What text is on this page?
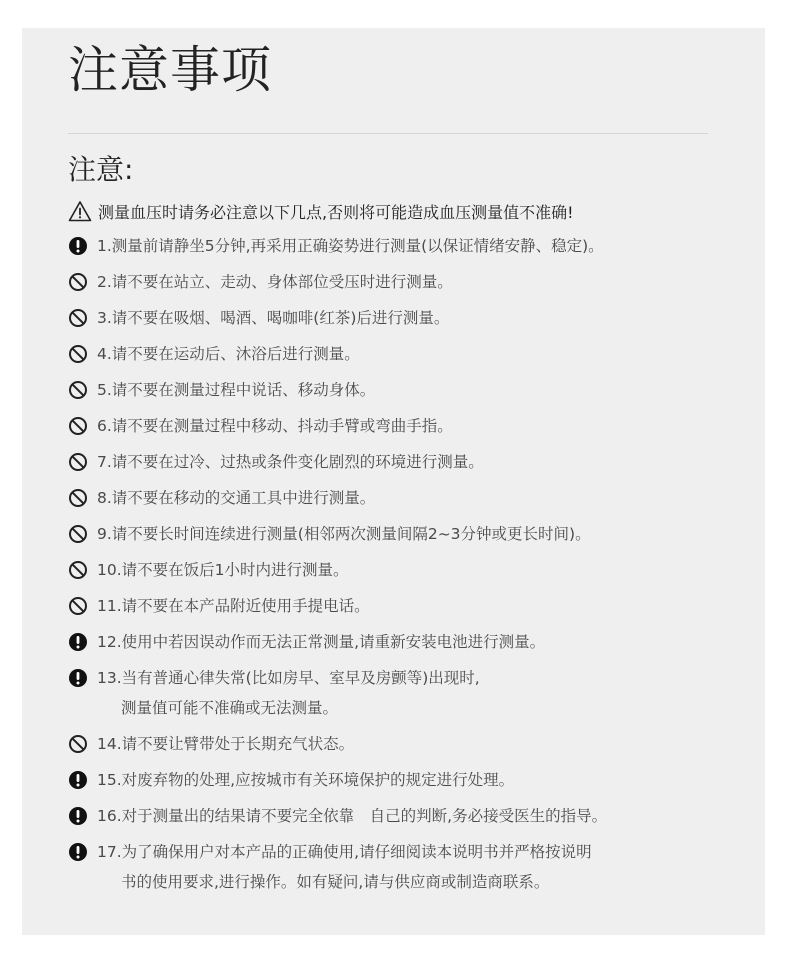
注意事项
注意:
测量血压时请务必注意以下几点,否则将可能造成血压测量值不准确!
1.测量前请静坐5分钟,再采用正确姿势进行测量(以保证情绪安静、稳定)。
2.请不要在站立、走动、身体部位受压时进行测量。
3.请不要在吸烟、喝酒、喝咖啡(红茶)后进行测量。
4.请不要在运动后、沐浴后进行测量。
5.请不要在测量过程中说话、移动身体。
6.请不要在测量过程中移动、抖动手臂或弯曲手指。
7.请不要在过冷、过热或条件变化剧烈的环境进行测量。
8.请不要在移动的交通工具中进行测量。
9.请不要长时间连续进行测量(相邻两次测量间隔2~3分钟或更长时间)。
10.请不要在饭后1小时内进行测量。
11.请不要在本产品附近使用手提电话。
12.使用中若因误动作而无法正常测量,请重新安装电池进行测量。
13.当有普通心律失常(比如房早、室早及房颤等)出现时,
测量值可能不准确或无法测量。
14.请不要让臂带处于长期充气状态。
15.对废弃物的处理,应按城市有关环境保护的规定进行处理。
16.对于测量出的结果请不要完全依靠　自己的判断,务必接受医生的指导。
17.为了确保用户对本产品的正确使用,请仔细阅读本说明书并严格按说明
书的使用要求,进行操作。如有疑问,请与供应商或制造商联系。
